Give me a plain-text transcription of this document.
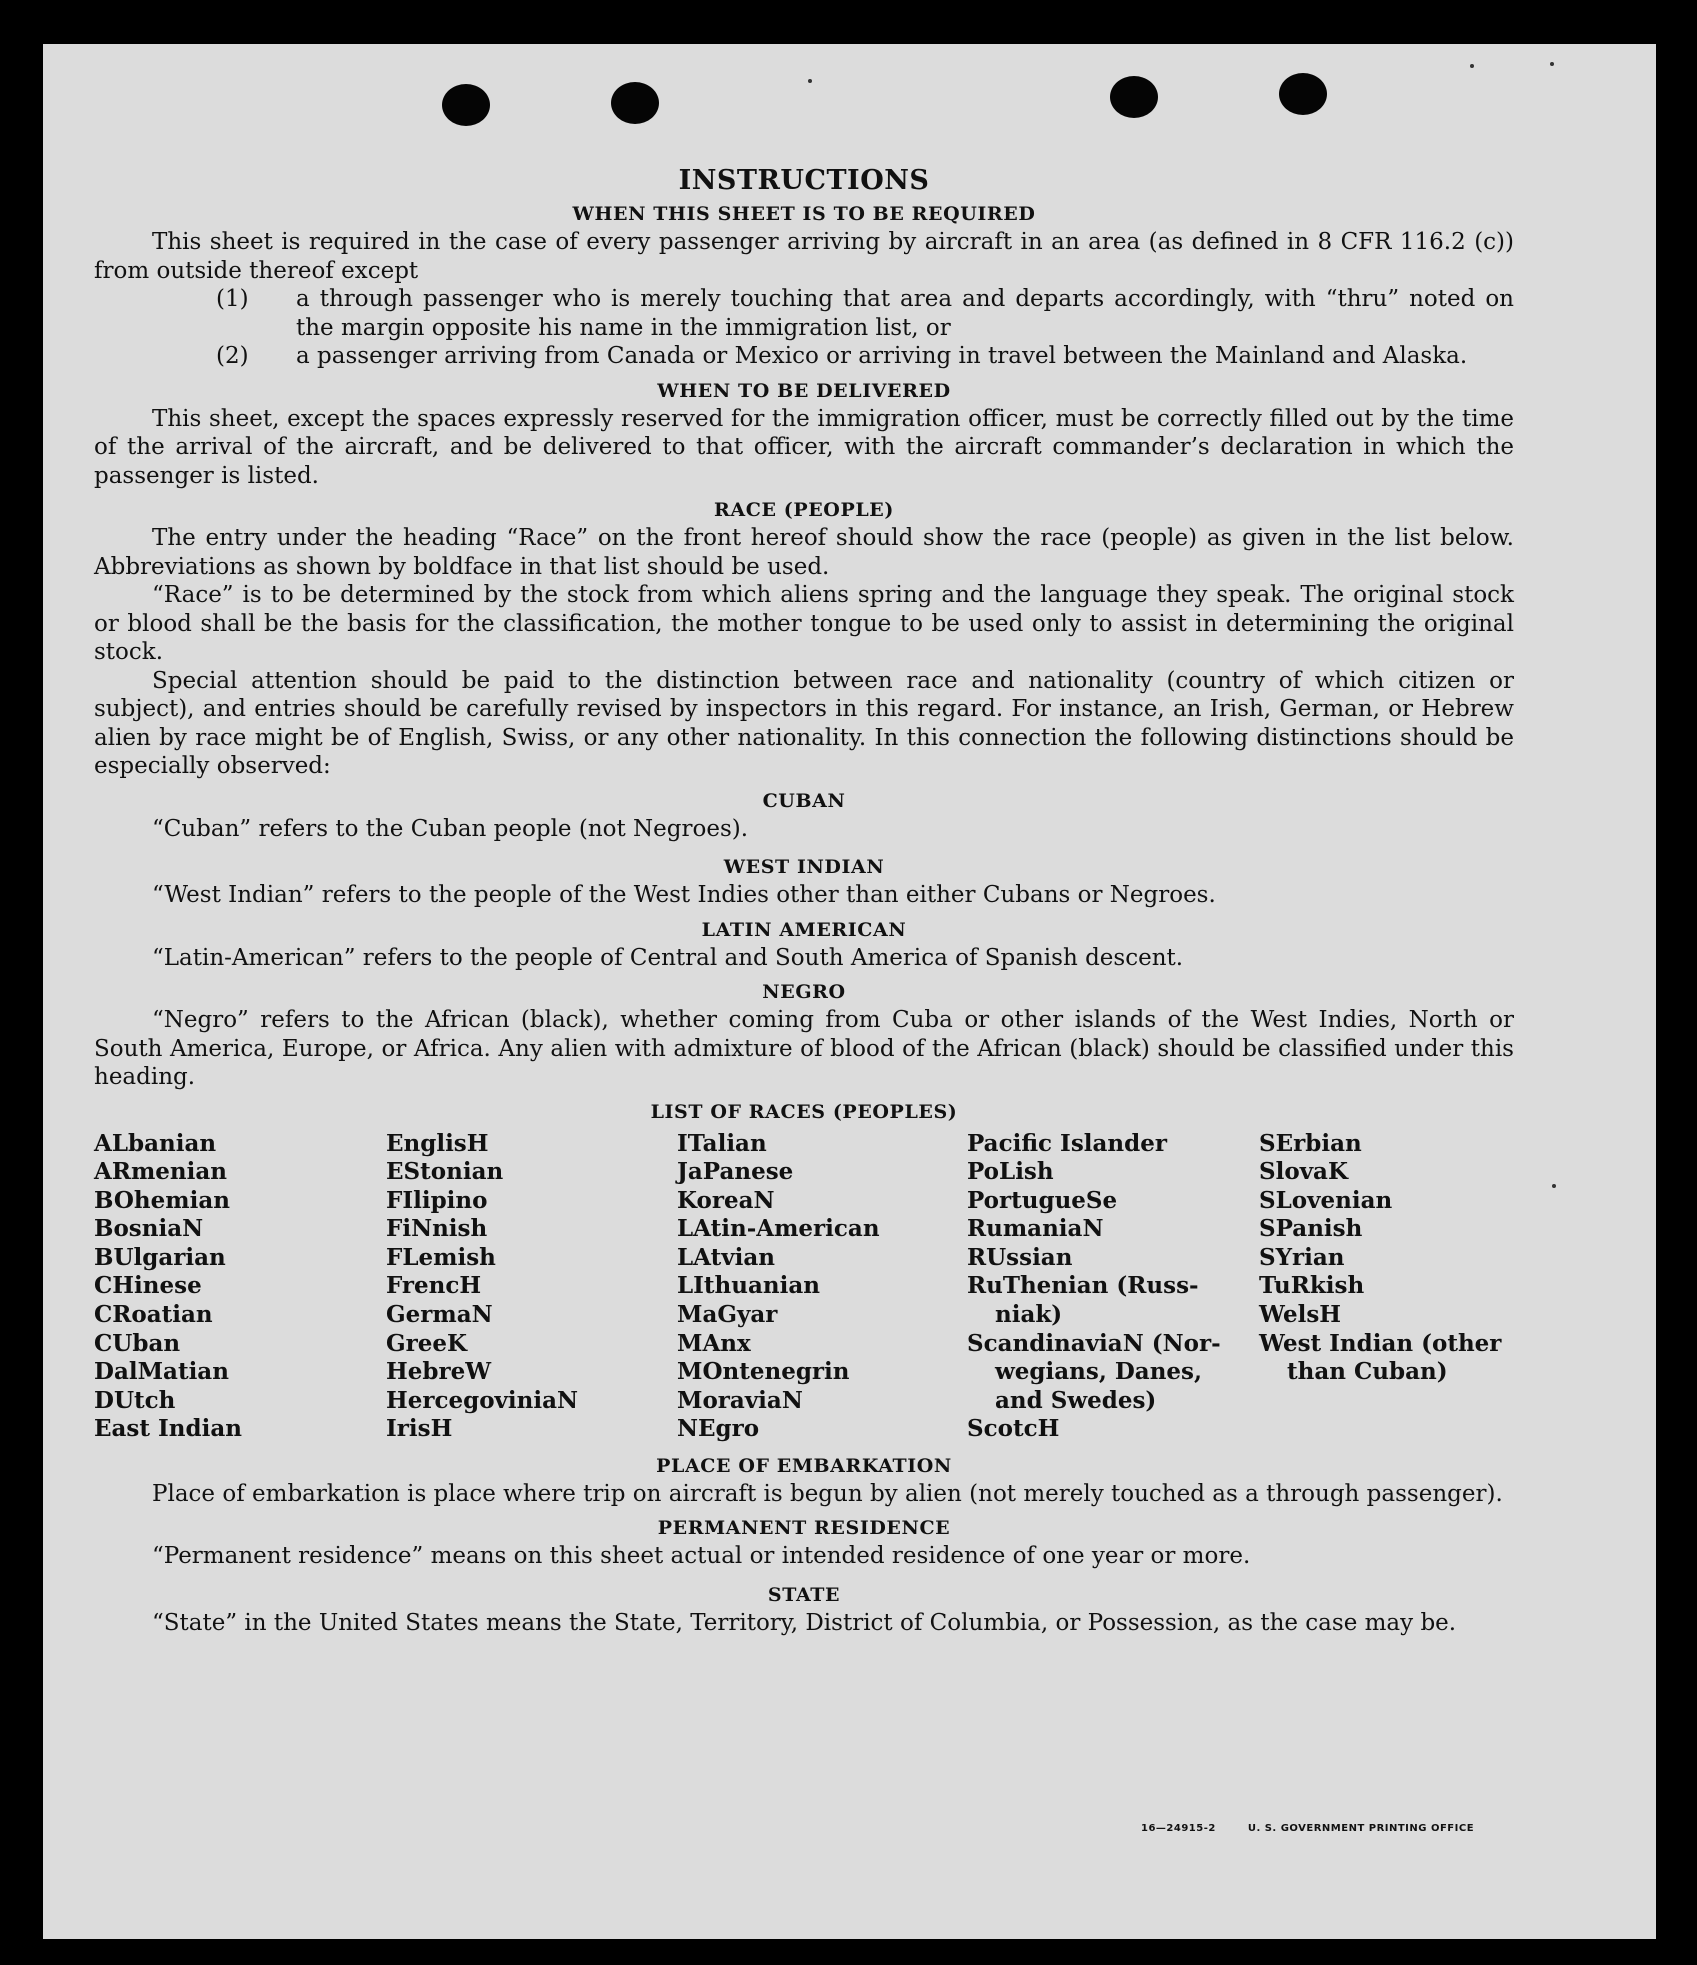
INSTRUCTIONS
WHEN THIS SHEET IS TO BE REQUIRED

This sheet is required in the case of every passenger arriving by aircraft in an area (as defined in 8 CFR 116.2 (c)) from outside thereof except

(1) a through passenger who is merely touching that area and departs accordingly, with “thru” noted on the margin opposite his name in the immigration list, or
(2) a passenger arriving from Canada or Mexico or arriving in travel between the Mainland and Alaska.
WHEN TO BE DELIVERED

This sheet, except the spaces expressly reserved for the immigration officer, must be correctly filled out by the time of the arrival of the aircraft, and be delivered to that officer, with the aircraft commander’s declaration in which the passenger is listed.

RACE (PEOPLE)

The entry under the heading “Race” on the front hereof should show the race (people) as given in the list below. Abbreviations as shown by boldface in that list should be used.

“Race” is to be determined by the stock from which aliens spring and the language they speak. The original stock or blood shall be the basis for the classification, the mother tongue to be used only to assist in determining the original stock.

Special attention should be paid to the distinction between race and nationality (country of which citizen or subject), and entries should be carefully revised by inspectors in this regard. For instance, an Irish, German, or Hebrew alien by race might be of English, Swiss, or any other nationality. In this connection the following distinctions should be especially observed:

CUBAN

“Cuban” refers to the Cuban people (not Negroes).

WEST INDIAN

“West Indian” refers to the people of the West Indies other than either Cubans or Negroes.

LATIN AMERICAN

“Latin-American” refers to the people of Central and South America of Spanish descent.

NEGRO

“Negro” refers to the African (black), whether coming from Cuba or other islands of the West Indies, North or South America, Europe, or Africa. Any alien with admixture of blood of the African (black) should be classified under this heading.

LIST OF RACES (PEOPLES)
ALbanian
ARmenian
BOhemian
BosniaN
BUlgarian
CHinese
CRoatian
CUban
DalMatian
DUtch
East Indian
EnglisH
EStonian
FIlipino
FiNnish
FLemish
FrencH
GermaN
GreeK
HebreW
HercegoviniaN
IrisH
ITalian
JaPanese
KoreaN
LAtin-American
LAtvian
LIthuanian
MaGyar
MAnx
MOntenegrin
MoraviaN
NEgro
Pacific Islander
PoLish
PortugueSe
RumaniaN
RUssian
RuThenian (Russ-
niak)
ScandinaviaN (Nor-
wegians, Danes,
and Swedes)
ScotcH
SErbian
SlovaK
SLovenian
SPanish
SYrian
TuRkish
WelsH
West Indian (other
than Cuban)
PLACE OF EMBARKATION

Place of embarkation is place where trip on aircraft is begun by alien (not merely touched as a through passenger).

PERMANENT RESIDENCE

“Permanent residence” means on this sheet actual or intended residence of one year or more.

STATE

“State” in the United States means the State, Territory, District of Columbia, or Possession, as the case may be.

16—24915-2	U. S. GOVERNMENT PRINTING OFFICE
